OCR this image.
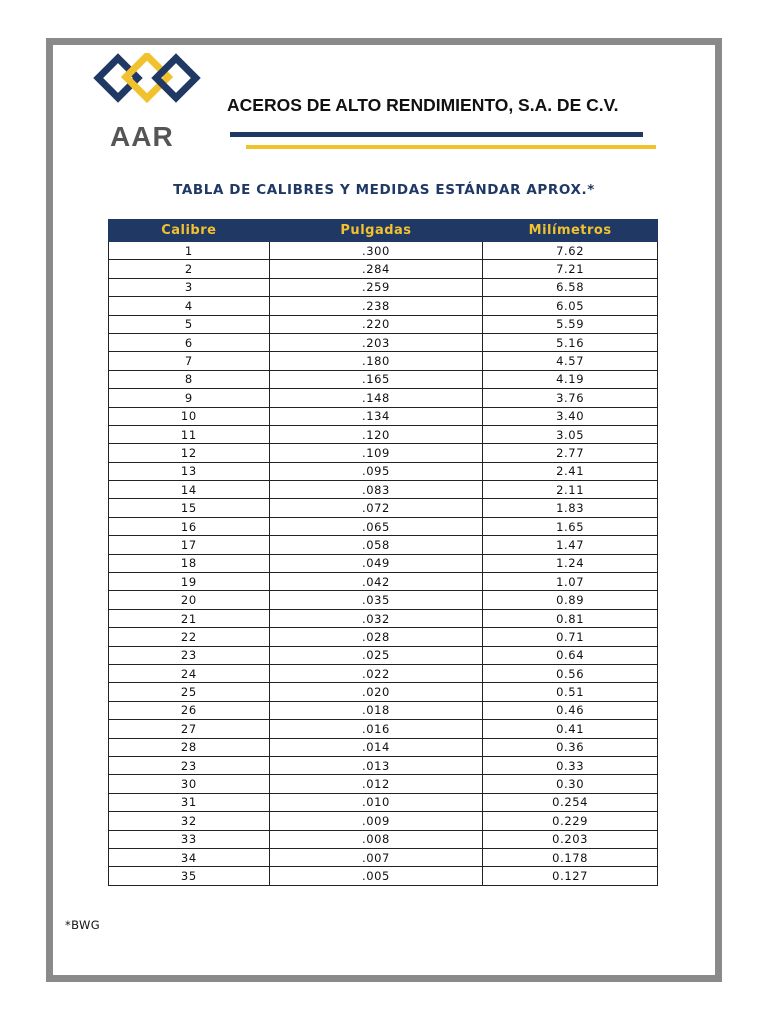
AAR
ACEROS DE ALTO RENDIMIENTO, S.A. DE C.V.
TABLA DE CALIBRES Y MEDIDAS ESTÁNDAR APROX.*
Calibre	Pulgadas	Milímetros
1	.300	7.62
2	.284	7.21
3	.259	6.58
4	.238	6.05
5	.220	5.59
6	.203	5.16
7	.180	4.57
8	.165	4.19
9	.148	3.76
10	.134	3.40
11	.120	3.05
12	.109	2.77
13	.095	2.41
14	.083	2.11
15	.072	1.83
16	.065	1.65
17	.058	1.47
18	.049	1.24
19	.042	1.07
20	.035	0.89
21	.032	0.81
22	.028	0.71
23	.025	0.64
24	.022	0.56
25	.020	0.51
26	.018	0.46
27	.016	0.41
28	.014	0.36
23	.013	0.33
30	.012	0.30
31	.010	0.254
32	.009	0.229
33	.008	0.203
34	.007	0.178
35	.005	0.127
*BWG
